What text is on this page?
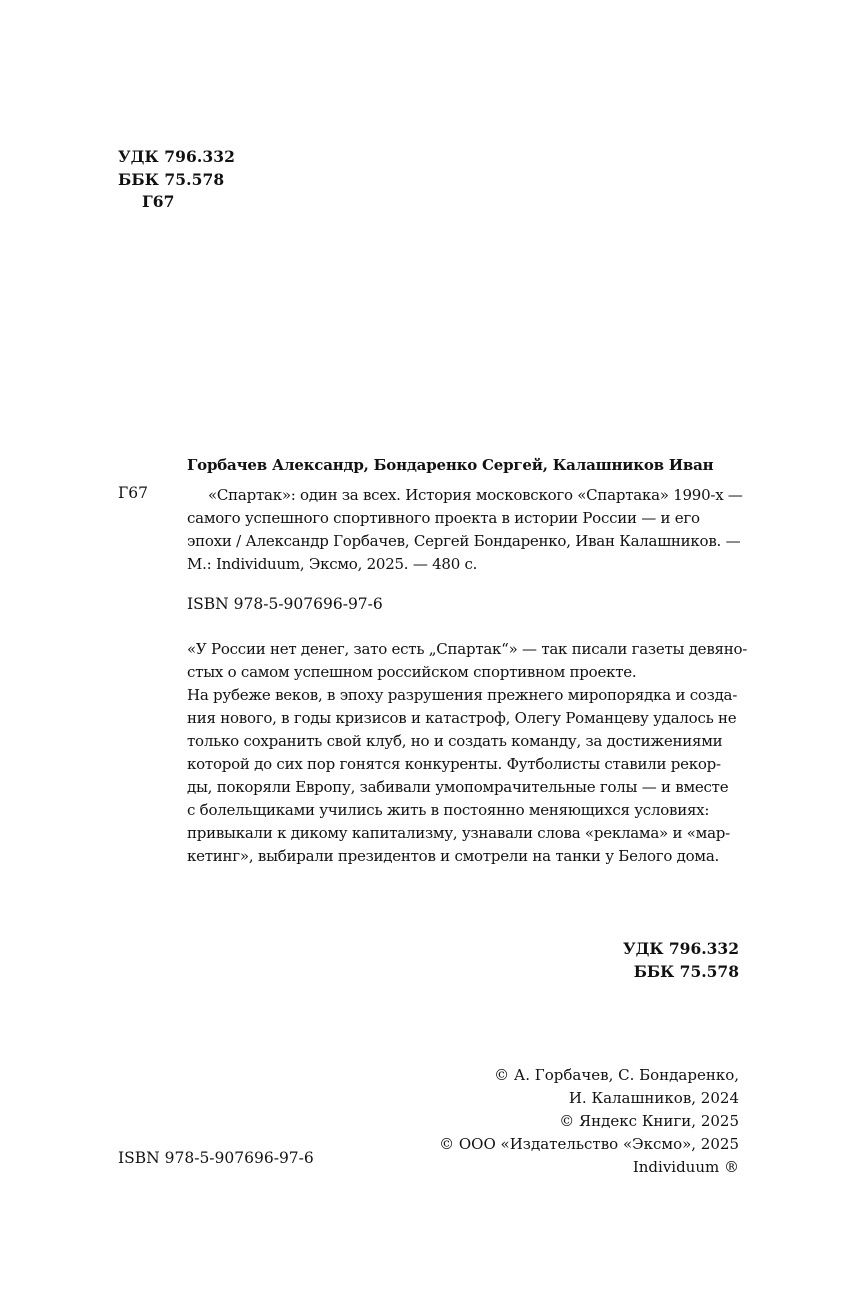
УДК 796.332
ББК 75.578
Г67
Горбачев Александр, Бондаренко Сергей, Калашников Иван
Г67	«Спартак»: один за всех. История московского «Спартака» 1990-х —
самого успешного спортивного проекта в истории России — и его
эпохи / Александр Горбачев, Сергей Бондаренко, Иван Калашников. —
М.: Individuum, Эксмо, 2025. — 480 с.
ISBN 978-5-907696-97-6
«У России нет денег, зато есть „Спартак“» — так писали газеты девяно-
стых о самом успешном российском спортивном проекте.
На рубеже веков, в эпоху разрушения прежнего миропорядка и созда-
ния нового, в годы кризисов и катастроф, Олегу Романцеву удалось не
только сохранить свой клуб, но и создать команду, за достижениями
которой до сих пор гонятся конкуренты. Футболисты ставили рекор-
ды, покоряли Европу, забивали умопомрачительные голы — и вместе
с болельщиками учились жить в постоянно меняющихся условиях:
привыкали к дикому капитализму, узнавали слова «реклама» и «мар-
кетинг», выбирали президентов и смотрели на танки у Белого дома.
УДК 796.332
ББК 75.578
© А. Горбачев, С. Бондаренко,
И. Калашников, 2024
© Яндекс Книги, 2025
© ООО «Издательство «Эксмо», 2025
Individuum ®
ISBN 978-5-907696-97-6
